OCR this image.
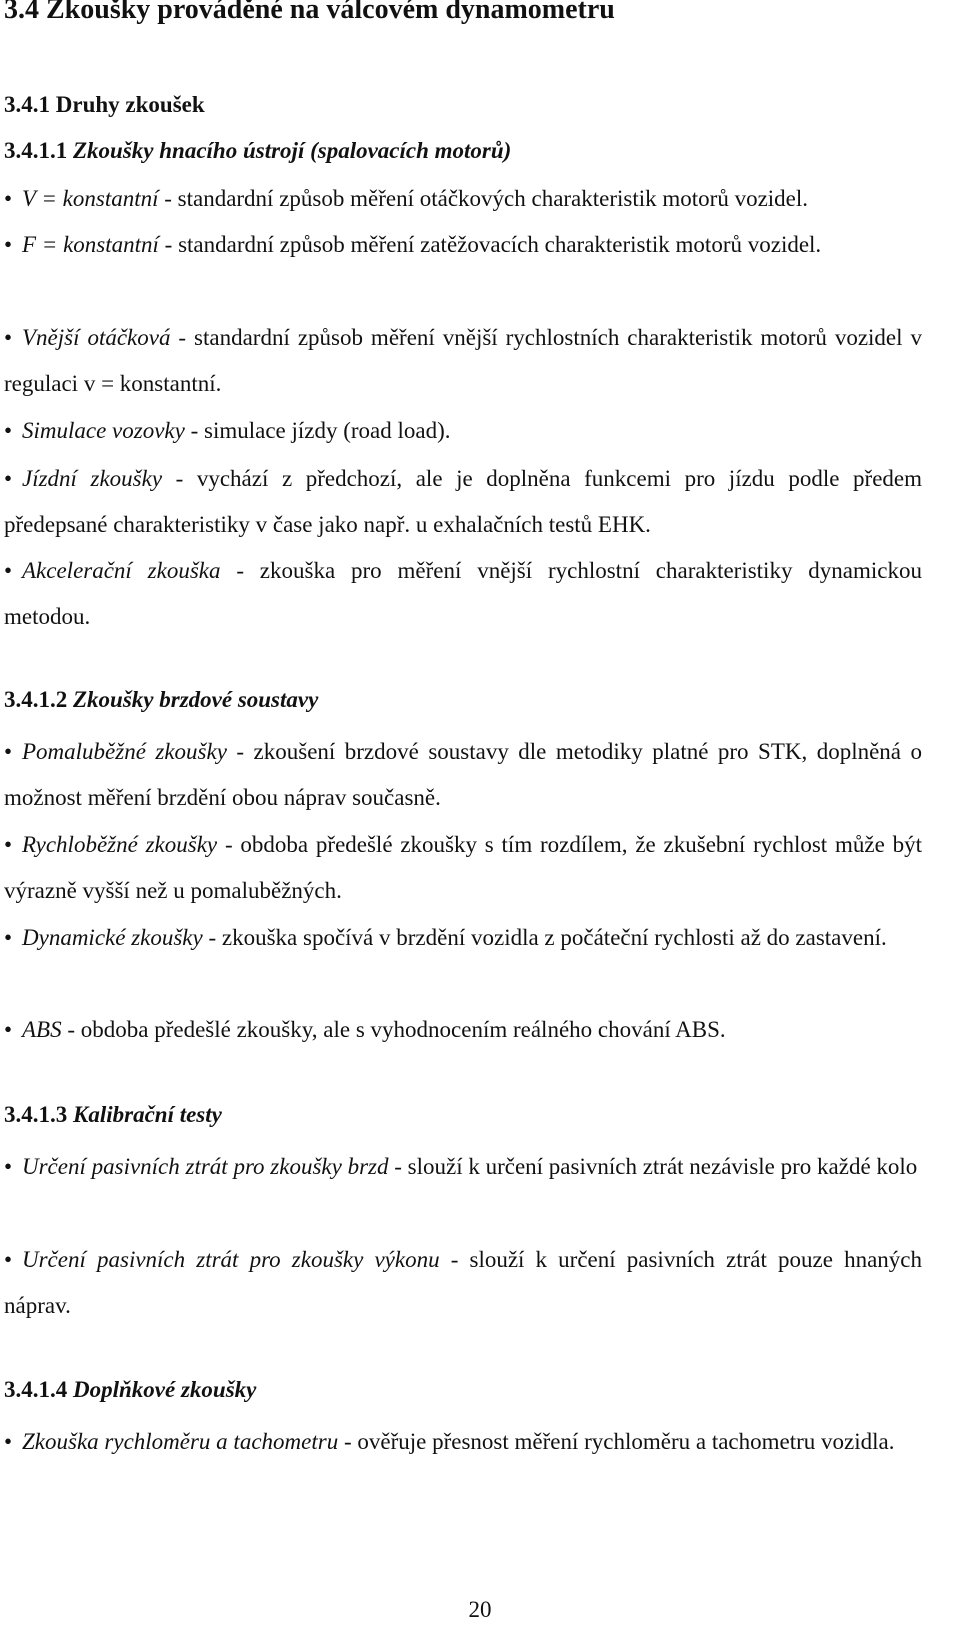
3.4 Zkoušky prováděné na válcovém dynamometru
3.4.1 Druhy zkoušek
3.4.1.1 Zkoušky hnacího ústrojí (spalovacích motorů)

• V = konstantní - standardní způsob měření otáčkových charakteristik motorů vozidel.

• F = konstantní - standardní způsob měření zatěžovacích charakteristik motorů vozidel.

• Vnější otáčková - standardní způsob měření vnější rychlostních charakteristik motorů vozidel v regulaci v = konstantní.

• Simulace vozovky - simulace jízdy (road load).

• Jízdní zkoušky - vychází z předchozí, ale je doplněna funkcemi pro jízdu podle předem předepsané charakteristiky v čase jako např. u exhalačních testů EHK.

• Akcelerační zkouška - zkouška pro měření vnější rychlostní charakteristiky dynamickou metodou.

3.4.1.2 Zkoušky brzdové soustavy

• Pomaluběžné zkoušky - zkoušení brzdové soustavy dle metodiky platné pro STK, doplněná o možnost měření brzdění obou náprav současně.

• Rychloběžné zkoušky - obdoba předešlé zkoušky s tím rozdílem, že zkušební rychlost může být výrazně vyšší než u pomaluběžných.

• Dynamické zkoušky - zkouška spočívá v brzdění vozidla z počáteční rychlosti až do zastavení.

• ABS - obdoba předešlé zkoušky, ale s vyhodnocením reálného chování ABS.

3.4.1.3 Kalibrační testy

• Určení pasivních ztrát pro zkoušky brzd - slouží k určení pasivních ztrát nezávisle pro každé kolo

• Určení pasivních ztrát pro zkoušky výkonu - slouží k určení pasivních ztrát pouze hnaných náprav.

3.4.1.4 Doplňkové zkoušky

• Zkouška rychloměru a tachometru - ověřuje přesnost měření rychloměru a tachometru vozidla.

20
